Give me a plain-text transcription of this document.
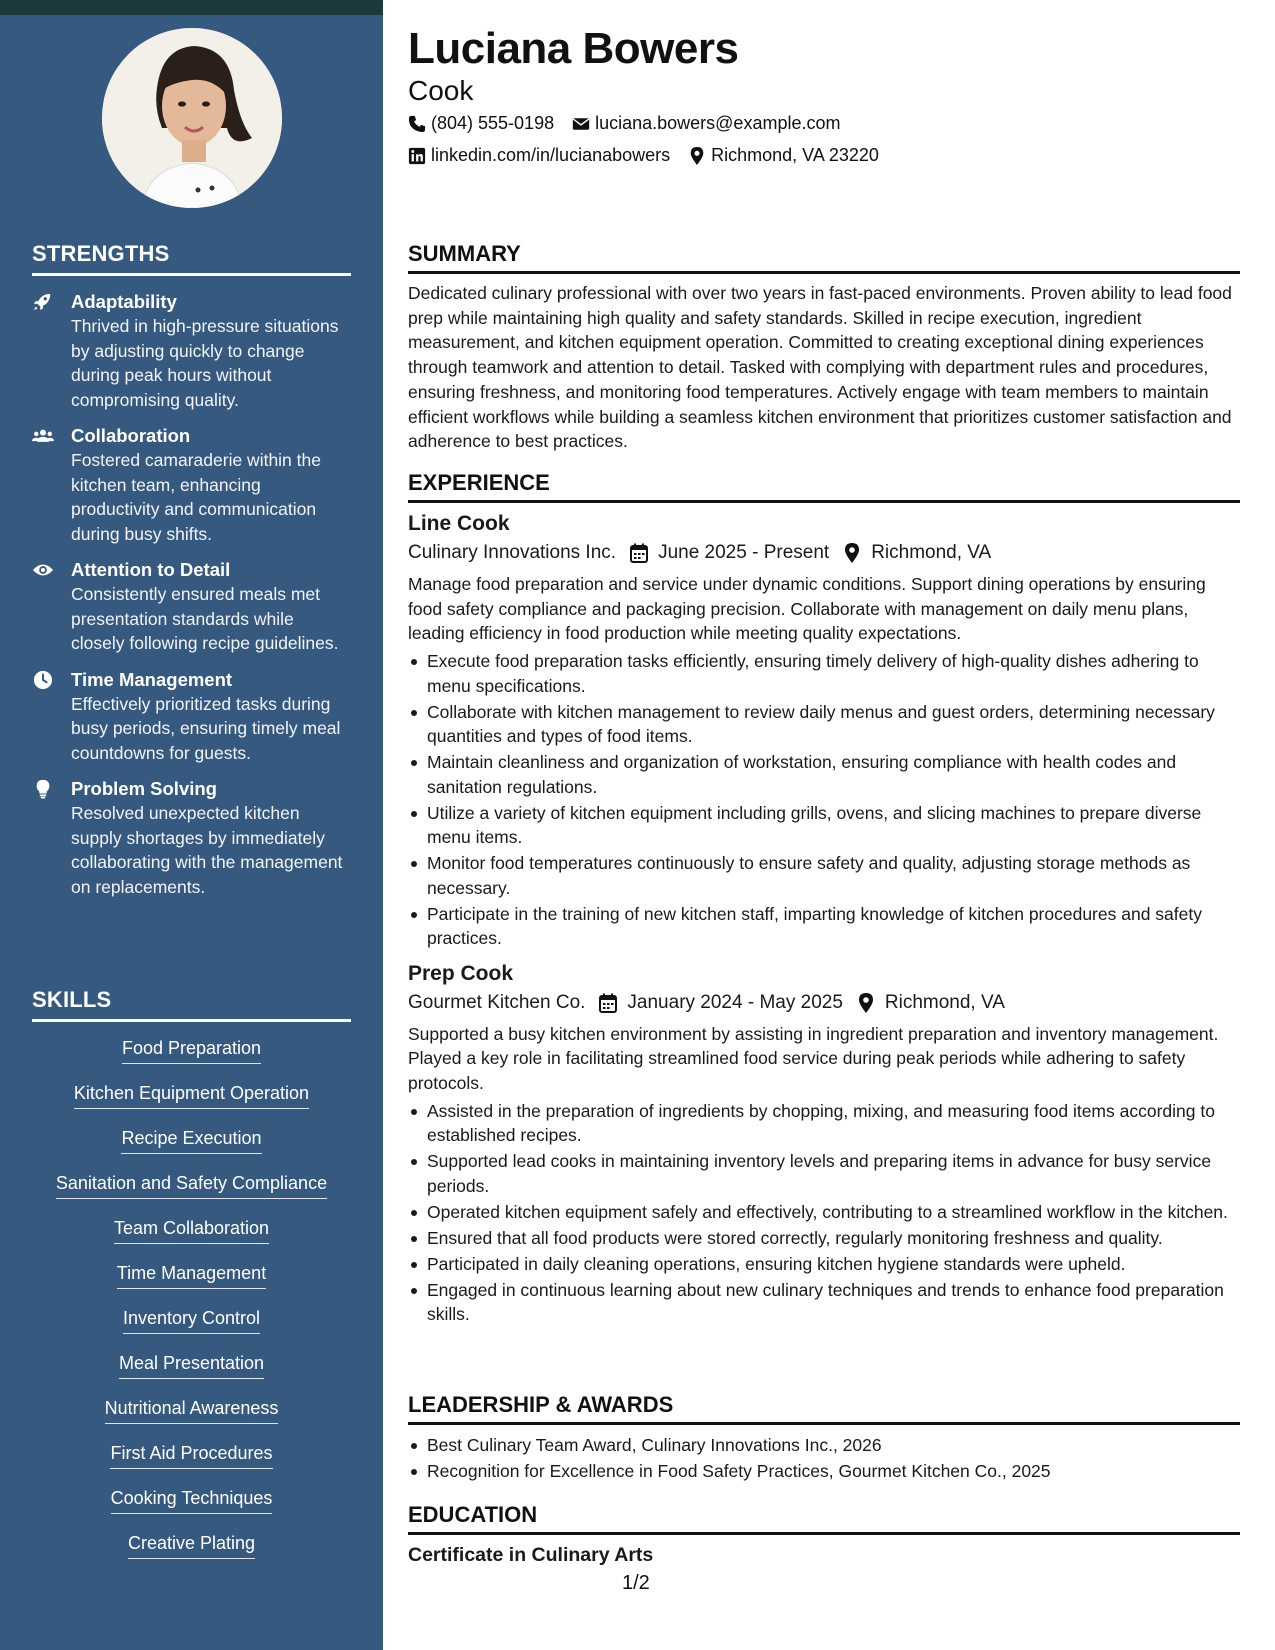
STRENGTHS
Adaptability
Thrived in high-pressure situations by adjusting quickly to change during peak hours without compromising quality.
Collaboration
Fostered camaraderie within the kitchen team, enhancing productivity and communication during busy shifts.
Attention to Detail
Consistently ensured meals met presentation standards while closely following recipe guidelines.
Time Management
Effectively prioritized tasks during busy periods, ensuring timely meal countdowns for guests.
Problem Solving
Resolved unexpected kitchen supply shortages by immediately collaborating with the management on replacements.
SKILLS
Food Preparation
Kitchen Equipment Operation
Recipe Execution
Sanitation and Safety Compliance
Team Collaboration
Time Management
Inventory Control
Meal Presentation
Nutritional Awareness
First Aid Procedures
Cooking Techniques
Creative Plating
Luciana Bowers
Cook
(804) 555-0198 luciana.bowers@example.com
linkedin.com/in/lucianabowers Richmond, VA 23220
SUMMARY

Dedicated culinary professional with over two years in fast-paced environments. Proven ability to lead food prep while maintaining high quality and safety standards. Skilled in recipe execution, ingredient measurement, and kitchen equipment operation. Committed to creating exceptional dining experiences through teamwork and attention to detail. Tasked with complying with department rules and procedures, ensuring freshness, and monitoring food temperatures. Actively engage with team members to maintain efficient workflows while building a seamless kitchen environment that prioritizes customer satisfaction and adherence to best practices.

EXPERIENCE
Line Cook
Culinary Innovations Inc. June 2025 - Present Richmond, VA

Manage food preparation and service under dynamic conditions. Support dining operations by ensuring food safety compliance and packaging precision. Collaborate with management on daily menu plans, leading efficiency in food production while meeting quality expectations.

Execute food preparation tasks efficiently, ensuring timely delivery of high-quality dishes adhering to menu specifications.
Collaborate with kitchen management to review daily menus and guest orders, determining necessary quantities and types of food items.
Maintain cleanliness and organization of workstation, ensuring compliance with health codes and sanitation regulations.
Utilize a variety of kitchen equipment including grills, ovens, and slicing machines to prepare diverse menu items.
Monitor food temperatures continuously to ensure safety and quality, adjusting storage methods as necessary.
Participate in the training of new kitchen staff, imparting knowledge of kitchen procedures and safety practices.
Prep Cook
Gourmet Kitchen Co. January 2024 - May 2025 Richmond, VA

Supported a busy kitchen environment by assisting in ingredient preparation and inventory management. Played a key role in facilitating streamlined food service during peak periods while adhering to safety protocols.

Assisted in the preparation of ingredients by chopping, mixing, and measuring food items according to established recipes.
Supported lead cooks in maintaining inventory levels and preparing items in advance for busy service periods.
Operated kitchen equipment safely and effectively, contributing to a streamlined workflow in the kitchen.
Ensured that all food products were stored correctly, regularly monitoring freshness and quality.
Participated in daily cleaning operations, ensuring kitchen hygiene standards were upheld.
Engaged in continuous learning about new culinary techniques and trends to enhance food preparation skills.
LEADERSHIP & AWARDS
Best Culinary Team Award, Culinary Innovations Inc., 2026
Recognition for Excellence in Food Safety Practices, Gourmet Kitchen Co., 2025
EDUCATION
Certificate in Culinary Arts
1/2
